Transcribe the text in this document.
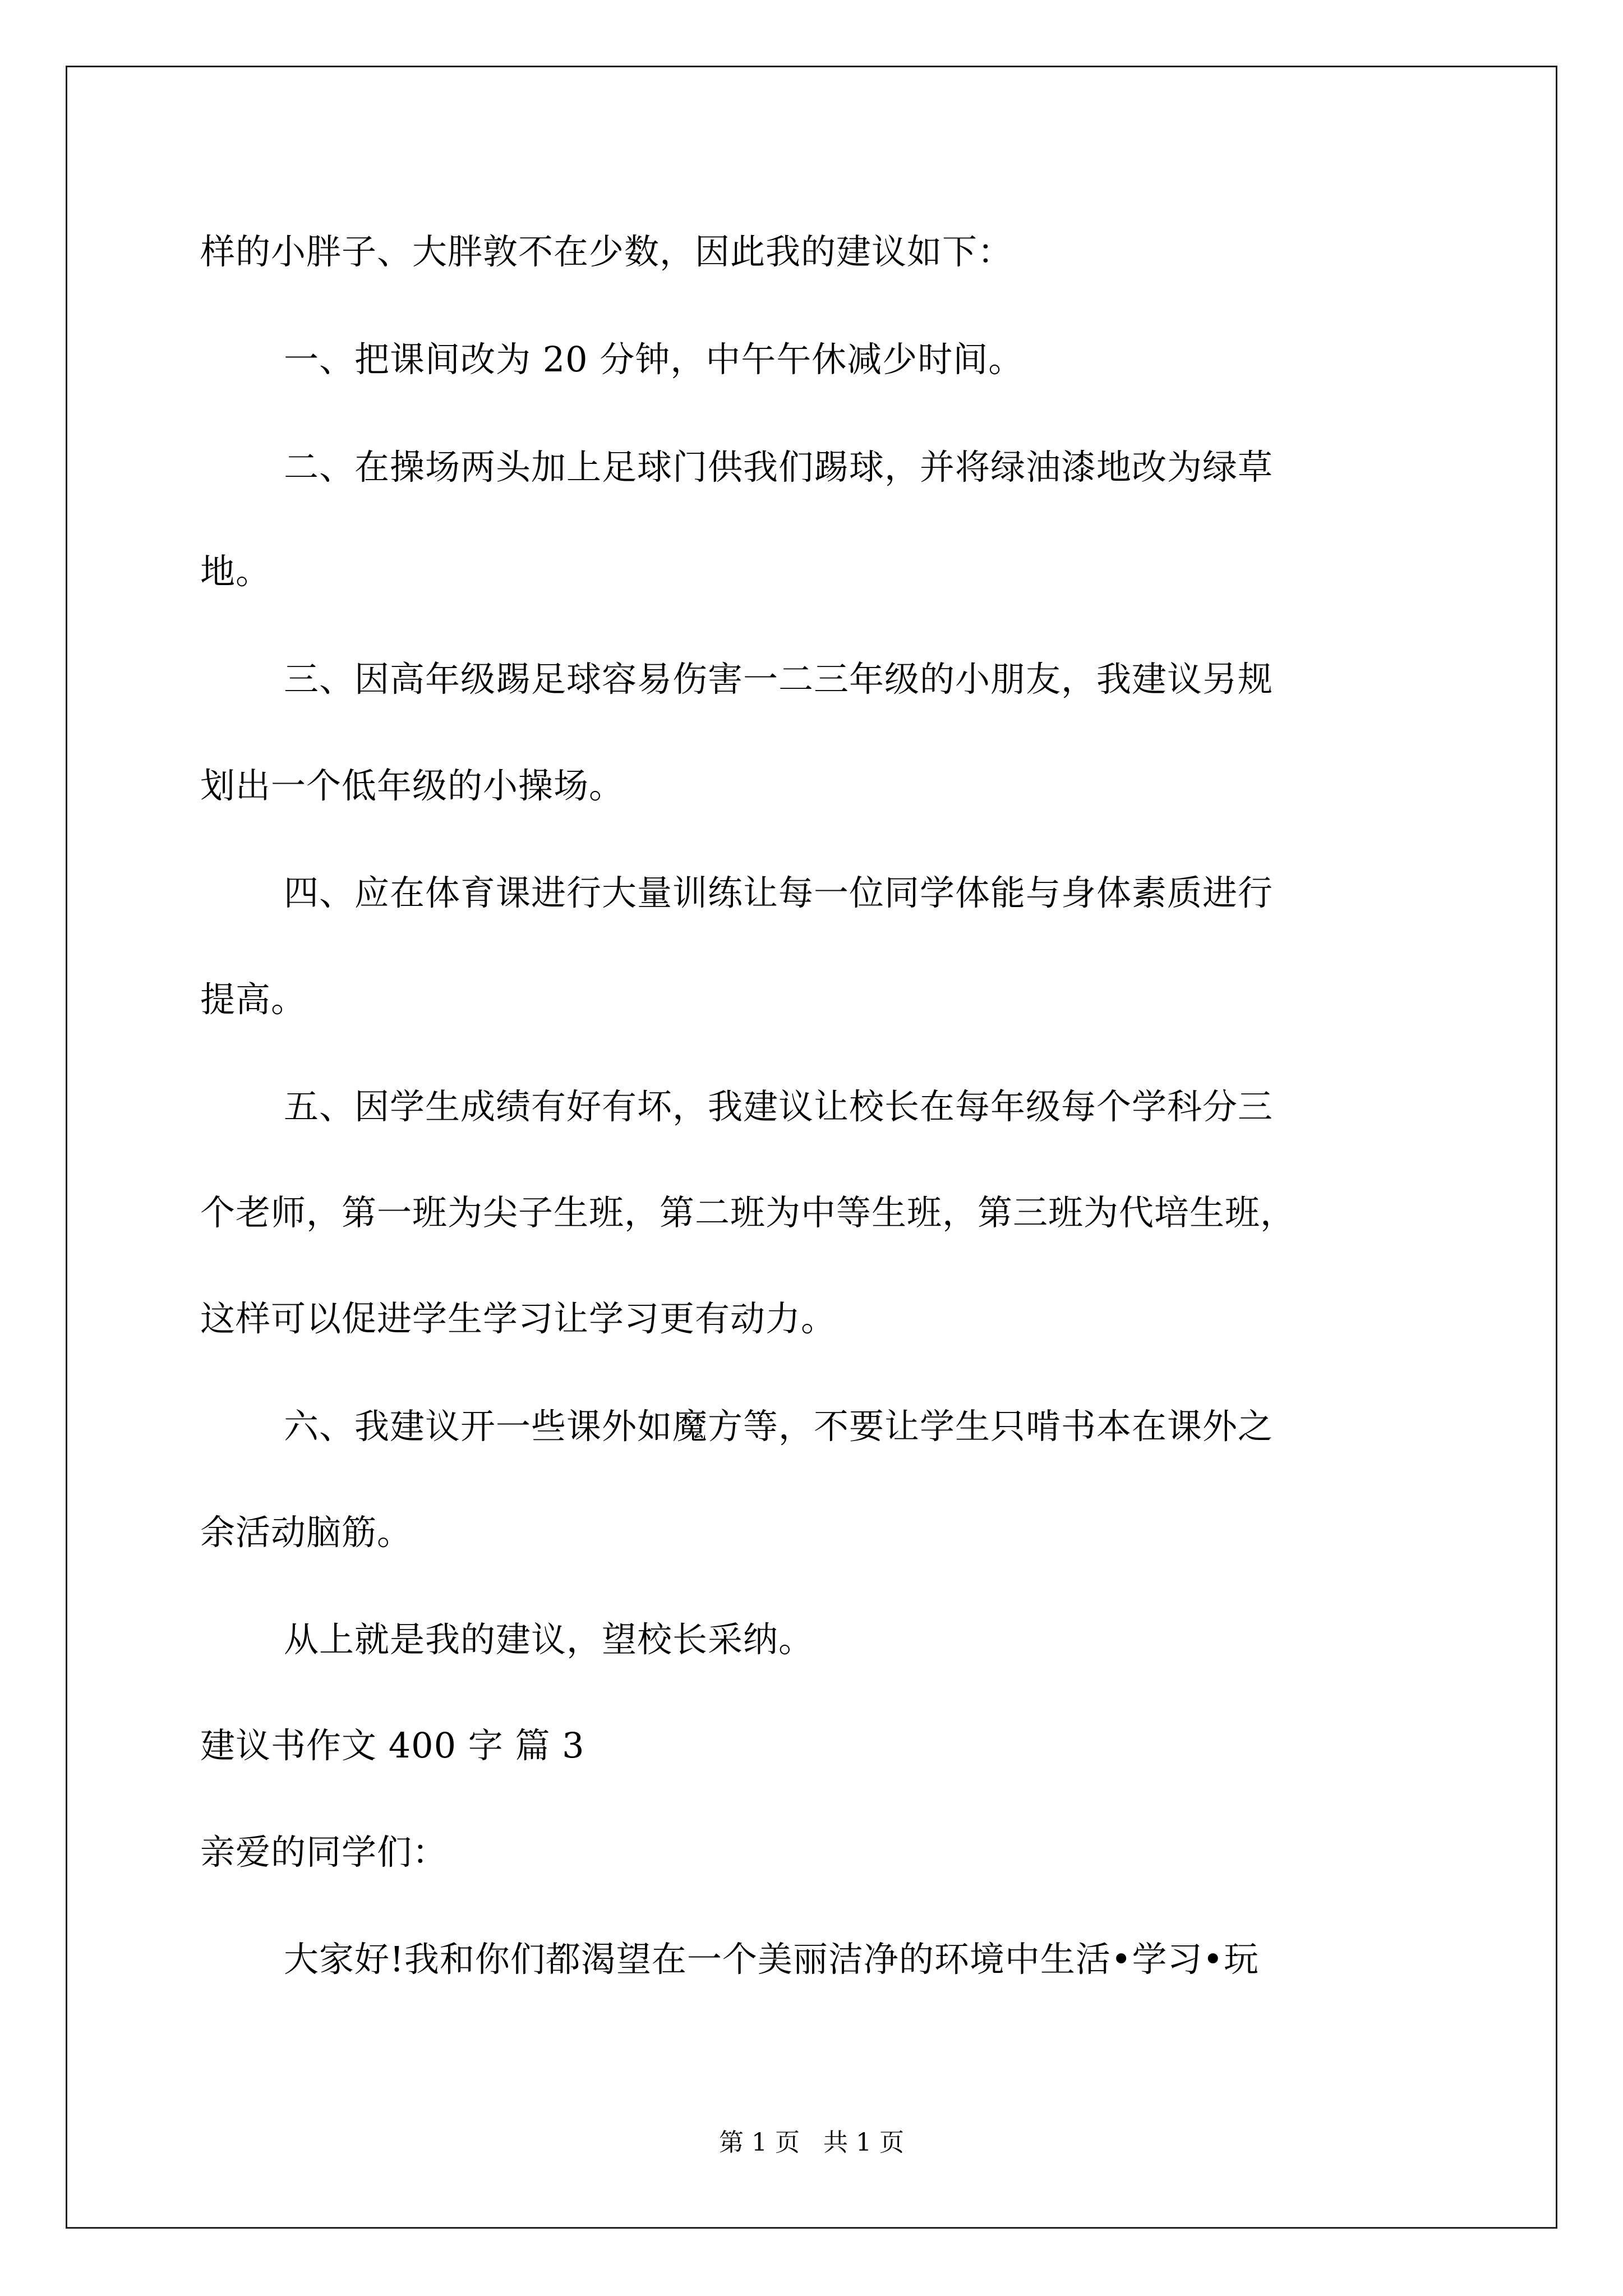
样的小胖子、大胖敦不在少数，因此我的建议如下：
一、把课间改为 20 分钟，中午午休减少时间。
二、在操场两头加上足球门供我们踢球，并将绿油漆地改为绿草
地。
三、因高年级踢足球容易伤害一二三年级的小朋友，我建议另规
划出一个低年级的小操场。
四、应在体育课进行大量训练让每一位同学体能与身体素质进行
提高。
五、因学生成绩有好有坏，我建议让校长在每年级每个学科分三
个老师，第一班为尖子生班，第二班为中等生班，第三班为代培生班，
这样可以促进学生学习让学习更有动力。
六、我建议开一些课外如魔方等，不要让学生只啃书本在课外之
余活动脑筋。
从上就是我的建议，望校长采纳。
建议书作文 400 字 篇 3
亲爱的同学们：
大家好!我和你们都渴望在一个美丽洁净的环境中生活•学习•玩
第 1 页   共 1 页
